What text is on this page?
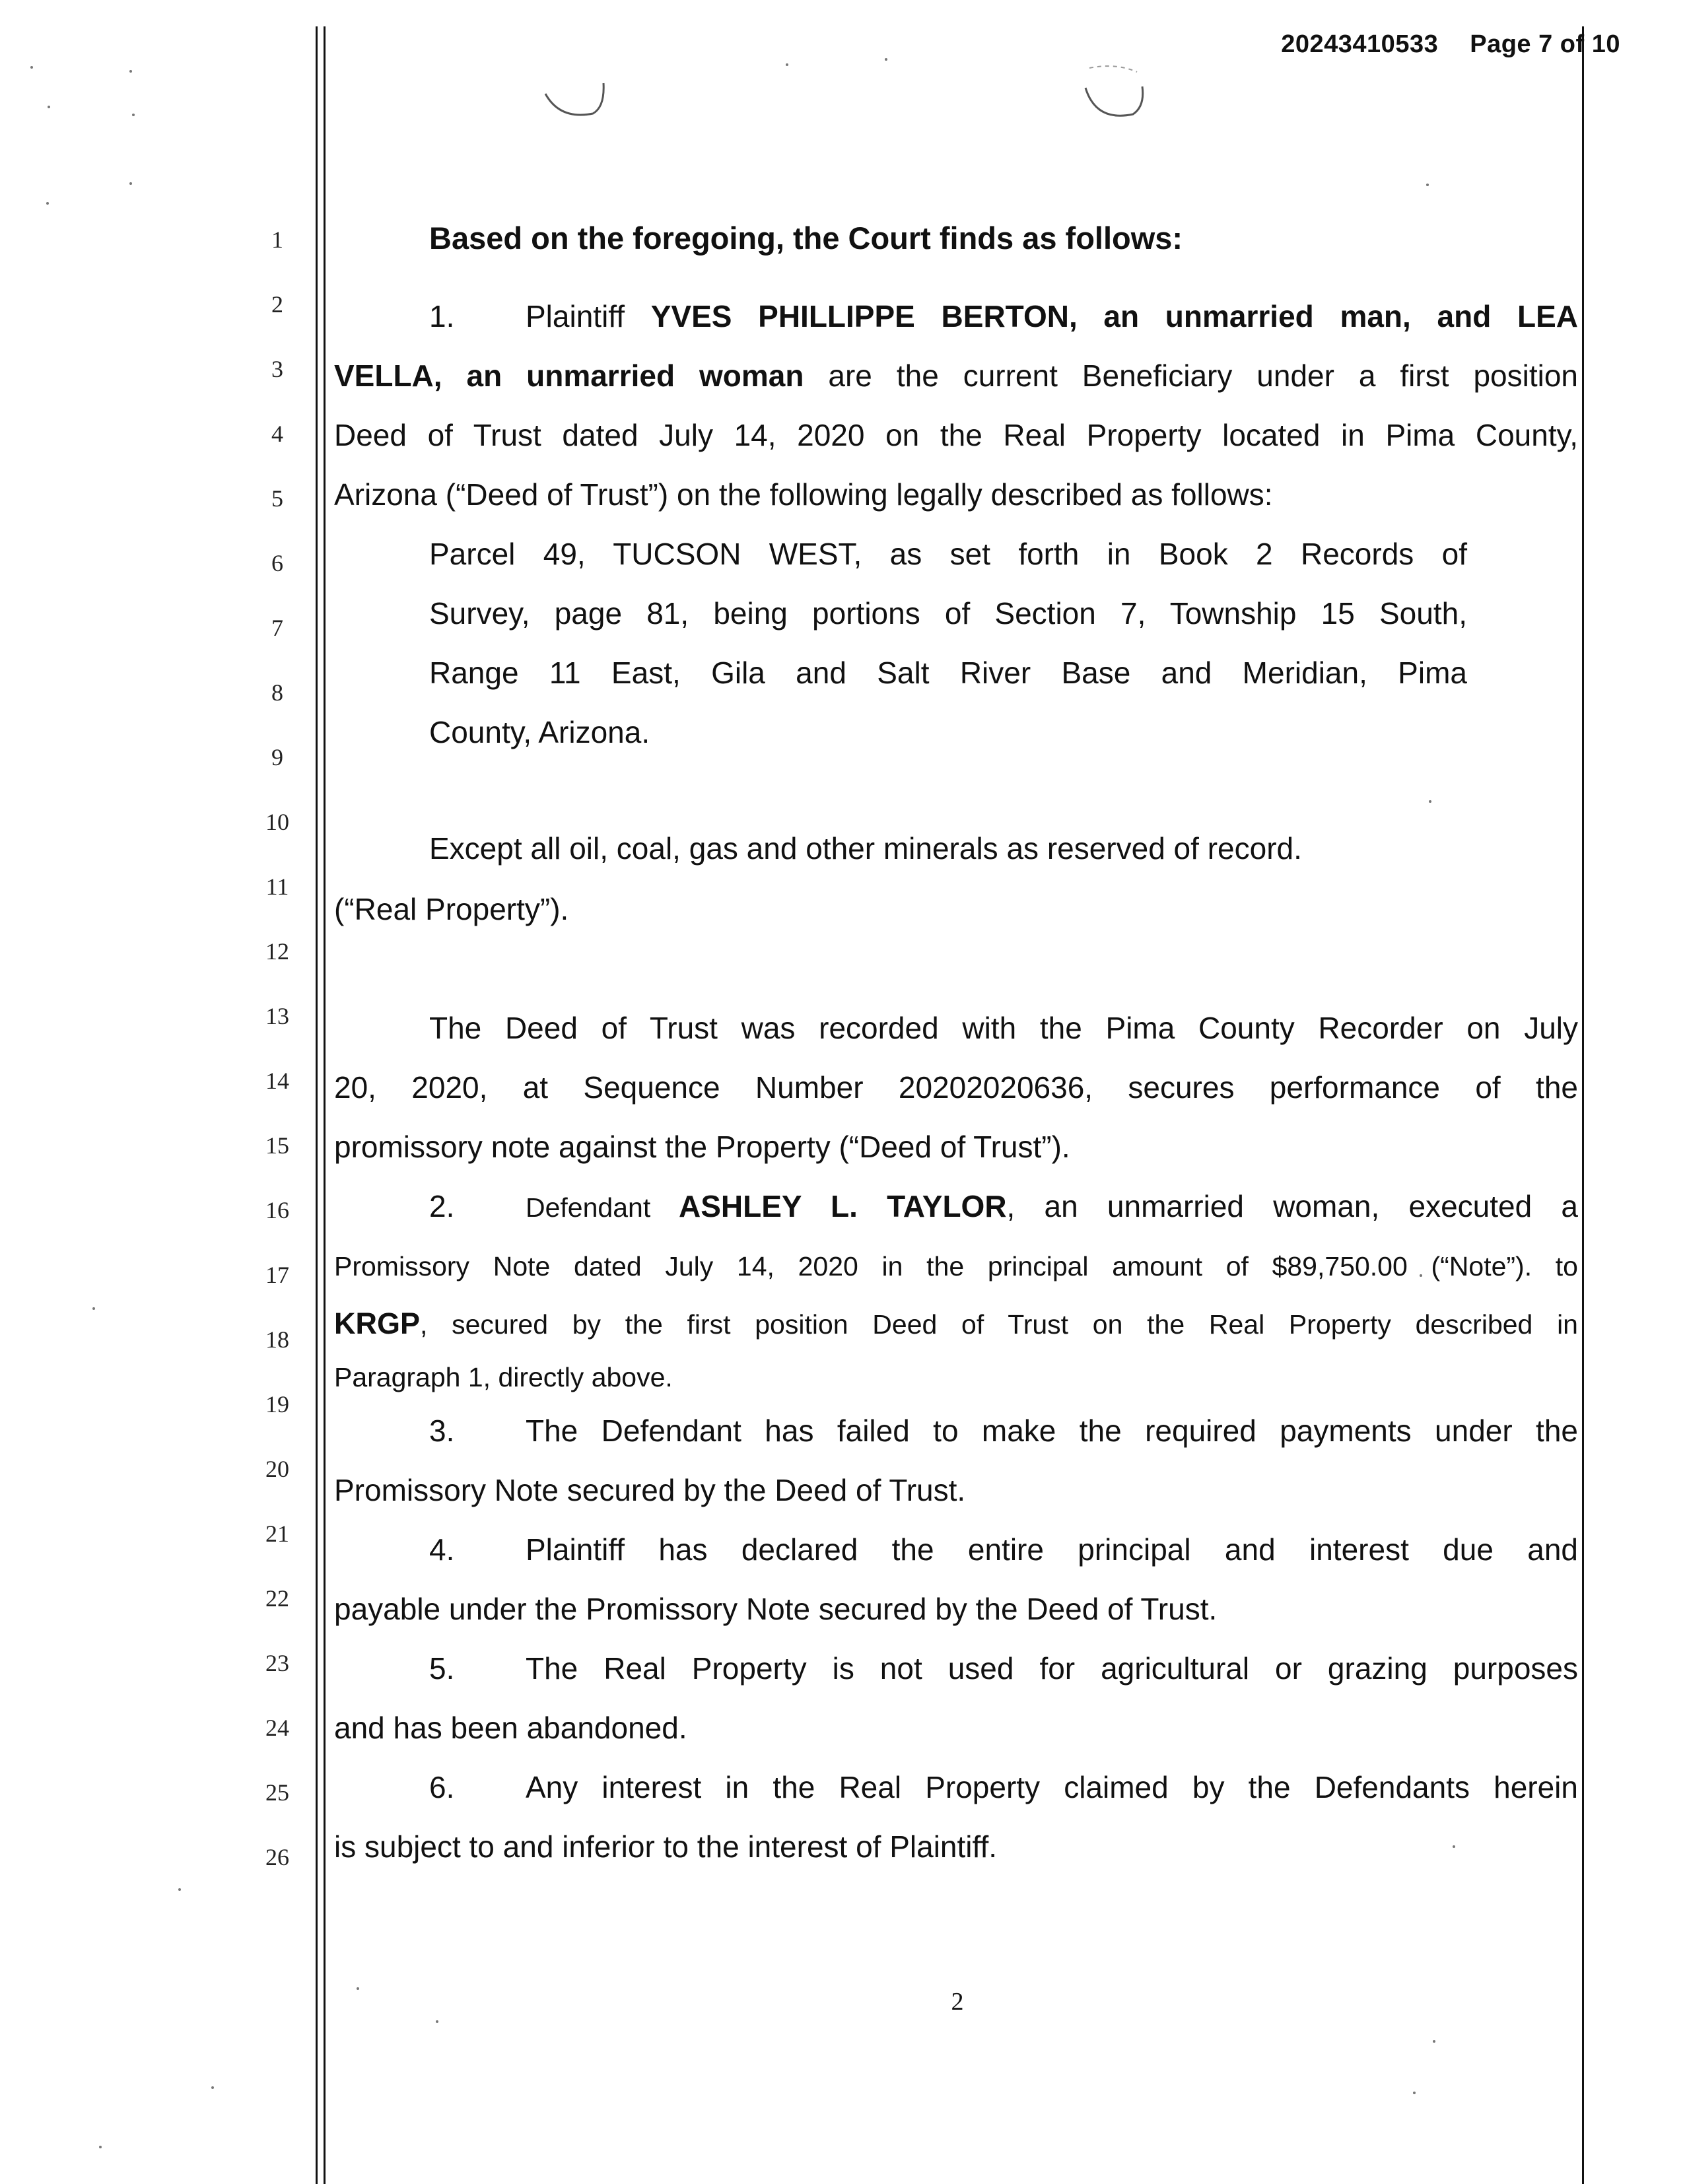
20243410533 Page 7 of 10
1
2
3
4
5
6
7
8
9
10
11
12
13
14
15
16
17
18
19
20
21
22
23
24
25
26
Based on the foregoing, the Court finds as follows:
1. Plaintiff YVES PHILLIPPE BERTON, an unmarried man, and LEA
VELLA, an unmarried woman are the current Beneficiary under a first position
Deed of Trust dated July 14, 2020 on the Real Property located in Pima County,
Arizona (“Deed of Trust”) on the following legally described as follows:
Parcel 49, TUCSON WEST, as set forth in Book 2 Records of
Survey, page 81, being portions of Section 7, Township 15 South,
Range 11 East, Gila and Salt River Base and Meridian, Pima
County, Arizona.
Except all oil, coal, gas and other minerals as reserved of record.
(“Real Property”).
The Deed of Trust was recorded with the Pima County Recorder on July
20, 2020, at Sequence Number 20202020636, secures performance of the
promissory note against the Property (“Deed of Trust”).
2.	Defendant ASHLEY L. TAYLOR, an unmarried woman, executed a
Promissory Note dated July 14, 2020 in the principal amount of $89,750.00 (“Note”). to
KRGP, secured by the first position Deed of Trust on the Real Property described in
Paragraph 1, directly above.
3. The Defendant has failed to make the required payments under the
Promissory Note secured by the Deed of Trust.
4. Plaintiff has declared the entire principal and interest due and
payable under the Promissory Note secured by the Deed of Trust.
5. The Real Property is not used for agricultural or grazing purposes
and has been abandoned.
6. Any interest in the Real Property claimed by the Defendants herein
is subject to and inferior to the interest of Plaintiff.
2
